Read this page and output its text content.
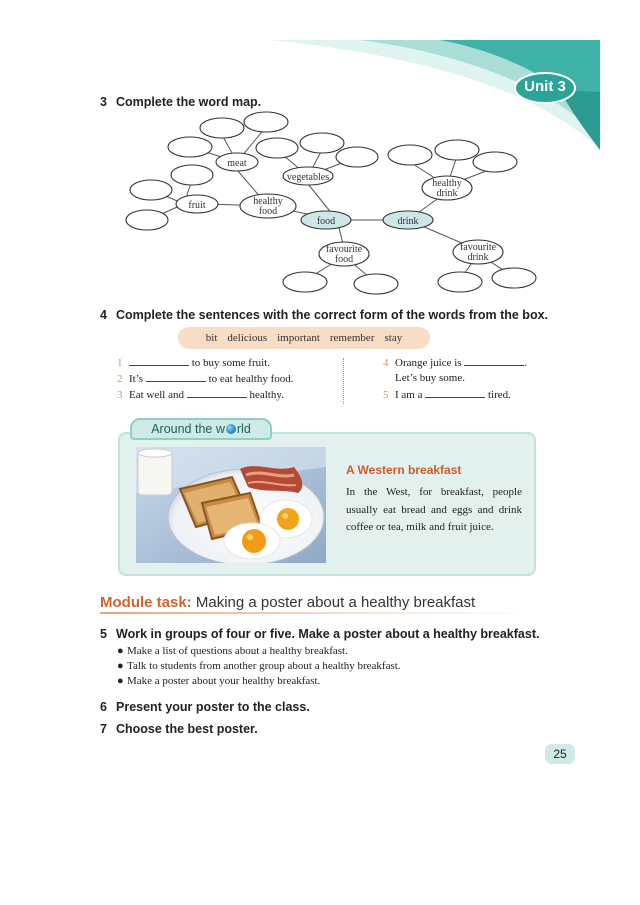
Unit 3
3 Complete the word map.
meat
vegetables
fruit	healthy
food
food	drink
healthy
drink
favourite
food
favourite
drink
4 Complete the sentences with the correct form of the words from the box.
bit delicious important remember stay
1	to buy some fruit.
2 It’s	to eat healthy food.
3 Eat well and	healthy.
4 Orange juice is	.
Let’s buy some.
5 I am a	tired.
Around the w rld
A Western breakfast
In the West, for breakfast, people usually eat bread and eggs and drink coffee or tea, milk and fruit juice.
Module task: Making a poster about a healthy breakfast
5 Work in groups of four or five. Make a poster about a healthy breakfast.
● Make a list of questions about a healthy breakfast.
● Talk to students from another group about a healthy breakfast.
● Make a poster about your healthy breakfast.
6 Present your poster to the class.
7 Choose the best poster.
25
